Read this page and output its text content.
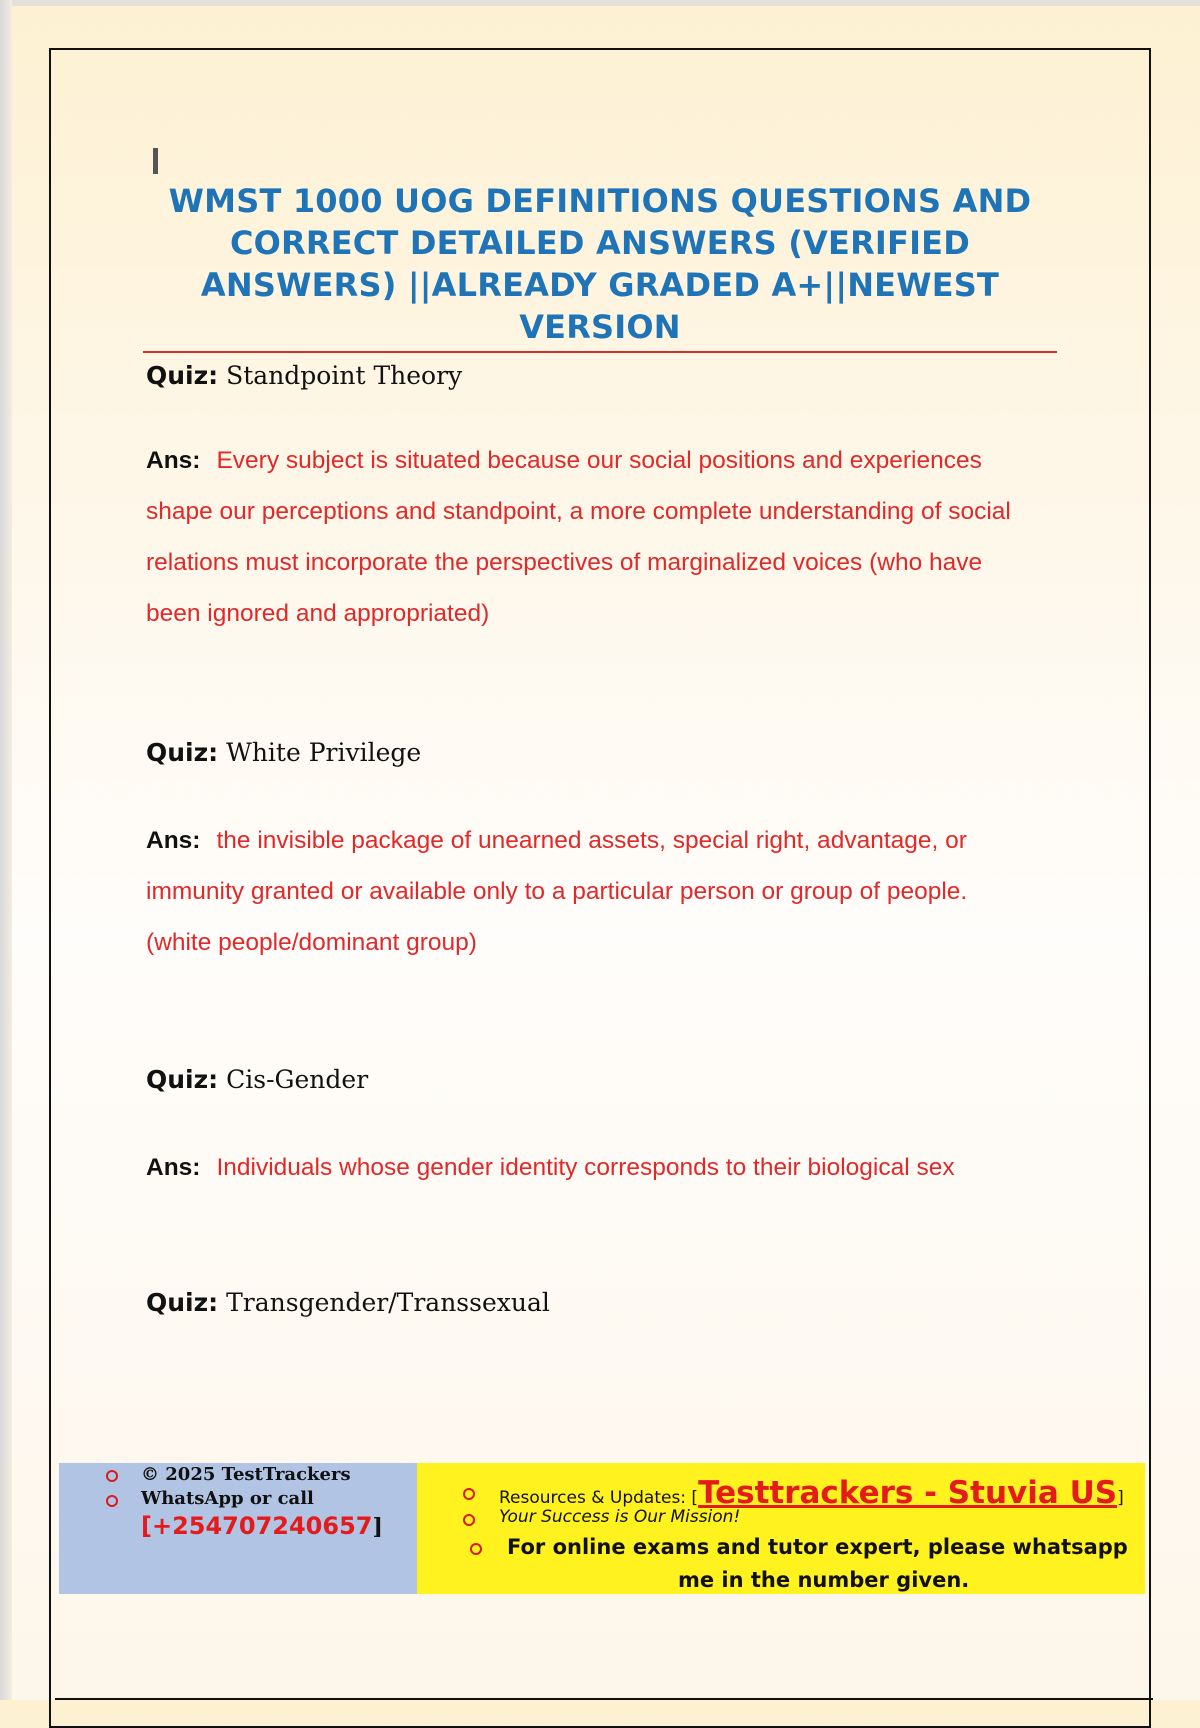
WMST 1000 UOG DEFINITIONS QUESTIONS AND CORRECT DETAILED ANSWERS (VERIFIED ANSWERS) ||ALREADY GRADED A+||NEWEST VERSION

Quiz: Standpoint Theory

Ans: Every subject is situated because our social positions and experiences

shape our perceptions and standpoint, a more complete understanding of social

relations must incorporate the perspectives of marginalized voices (who have

been ignored and appropriated)

Quiz: White Privilege

Ans: the invisible package of unearned assets, special right, advantage, or

immunity granted or available only to a particular person or group of people.

(white people/dominant group)

Quiz: Cis-Gender

Ans: Individuals whose gender identity corresponds to their biological sex

Quiz: Transgender/Transsexual

© 2025 TestTrackers
WhatsApp or call
[+254707240657]
Resources & Updates: [Testtrackers - Stuvia US]
Your Success is Our Mission!
For online exams and tutor expert, please whatsapp
me in the number given.
